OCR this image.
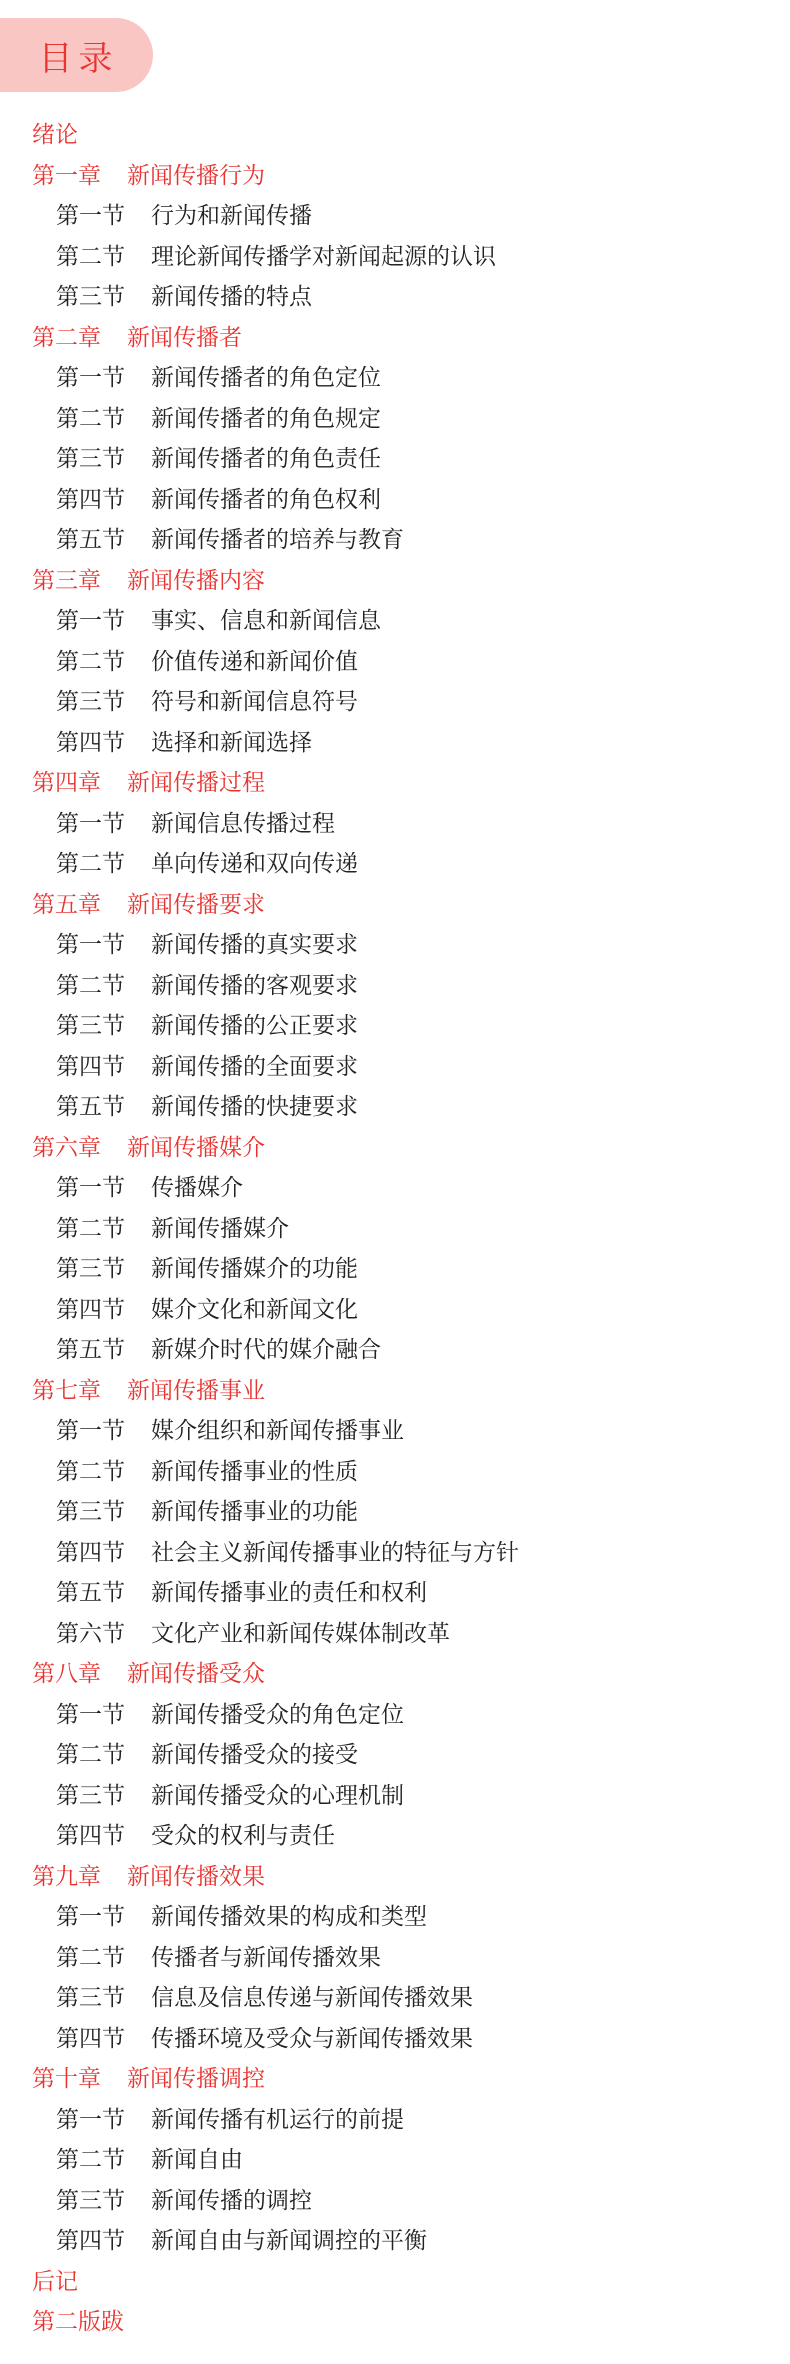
目录
绪论
第一章 新闻传播行为
第一节 行为和新闻传播
第二节 理论新闻传播学对新闻起源的认识
第三节 新闻传播的特点
第二章 新闻传播者
第一节 新闻传播者的角色定位
第二节 新闻传播者的角色规定
第三节 新闻传播者的角色责任
第四节 新闻传播者的角色权利
第五节 新闻传播者的培养与教育
第三章 新闻传播内容
第一节 事实、信息和新闻信息
第二节 价值传递和新闻价值
第三节 符号和新闻信息符号
第四节 选择和新闻选择
第四章 新闻传播过程
第一节 新闻信息传播过程
第二节 单向传递和双向传递
第五章 新闻传播要求
第一节 新闻传播的真实要求
第二节 新闻传播的客观要求
第三节 新闻传播的公正要求
第四节 新闻传播的全面要求
第五节 新闻传播的快捷要求
第六章 新闻传播媒介
第一节 传播媒介
第二节 新闻传播媒介
第三节 新闻传播媒介的功能
第四节 媒介文化和新闻文化
第五节 新媒介时代的媒介融合
第七章 新闻传播事业
第一节 媒介组织和新闻传播事业
第二节 新闻传播事业的性质
第三节 新闻传播事业的功能
第四节 社会主义新闻传播事业的特征与方针
第五节 新闻传播事业的责任和权利
第六节 文化产业和新闻传媒体制改革
第八章 新闻传播受众
第一节 新闻传播受众的角色定位
第二节 新闻传播受众的接受
第三节 新闻传播受众的心理机制
第四节 受众的权利与责任
第九章 新闻传播效果
第一节 新闻传播效果的构成和类型
第二节 传播者与新闻传播效果
第三节 信息及信息传递与新闻传播效果
第四节 传播环境及受众与新闻传播效果
第十章 新闻传播调控
第一节 新闻传播有机运行的前提
第二节 新闻自由
第三节 新闻传播的调控
第四节 新闻自由与新闻调控的平衡
后记
第二版跋
